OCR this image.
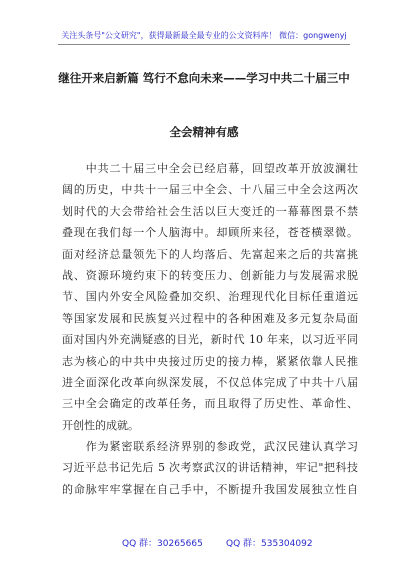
关注头条号"公文研究"，获得最新最全最专业的公文资料库！ 微信：gongwenyj
继往开来启新篇 笃行不怠向未来——学习中共二十届三中
全会精神有感
　　中共二十届三中全会已经启幕，回望改革开放波澜壮
阔的历史，中共十一届三中全会、十八届三中全会这两次
划时代的大会带给社会生活以巨大变迁的一幕幕图景不禁
叠现在我们每一个人脑海中。却顾所来径，苍苍横翠微。
面对经济总量领先下的人均落后、先富起来之后的共富挑
战、资源环境约束下的转变压力、创新能力与发展需求脱
节、国内外安全风险叠加交织、治理现代化目标任重道远
等国家发展和民族复兴过程中的各种困难及多元复杂局面
面对国内外充满疑惑的目光，新时代 10 年来，以习近平同
志为核心的中共中央接过历史的接力棒，紧紧依靠人民推
进全面深化改革向纵深发展，不仅总体完成了中共十八届
三中全会确定的改革任务，而且取得了历史性、革命性、
开创性的成就。
　　作为紧密联系经济界别的参政党，武汉民建认真学习
习近平总书记先后 5 次考察武汉的讲话精神，牢记"把科技
的命脉牢牢掌握在自己手中，不断提升我国发展独立性自
QQ 群：30265665	QQ 群：535304092
